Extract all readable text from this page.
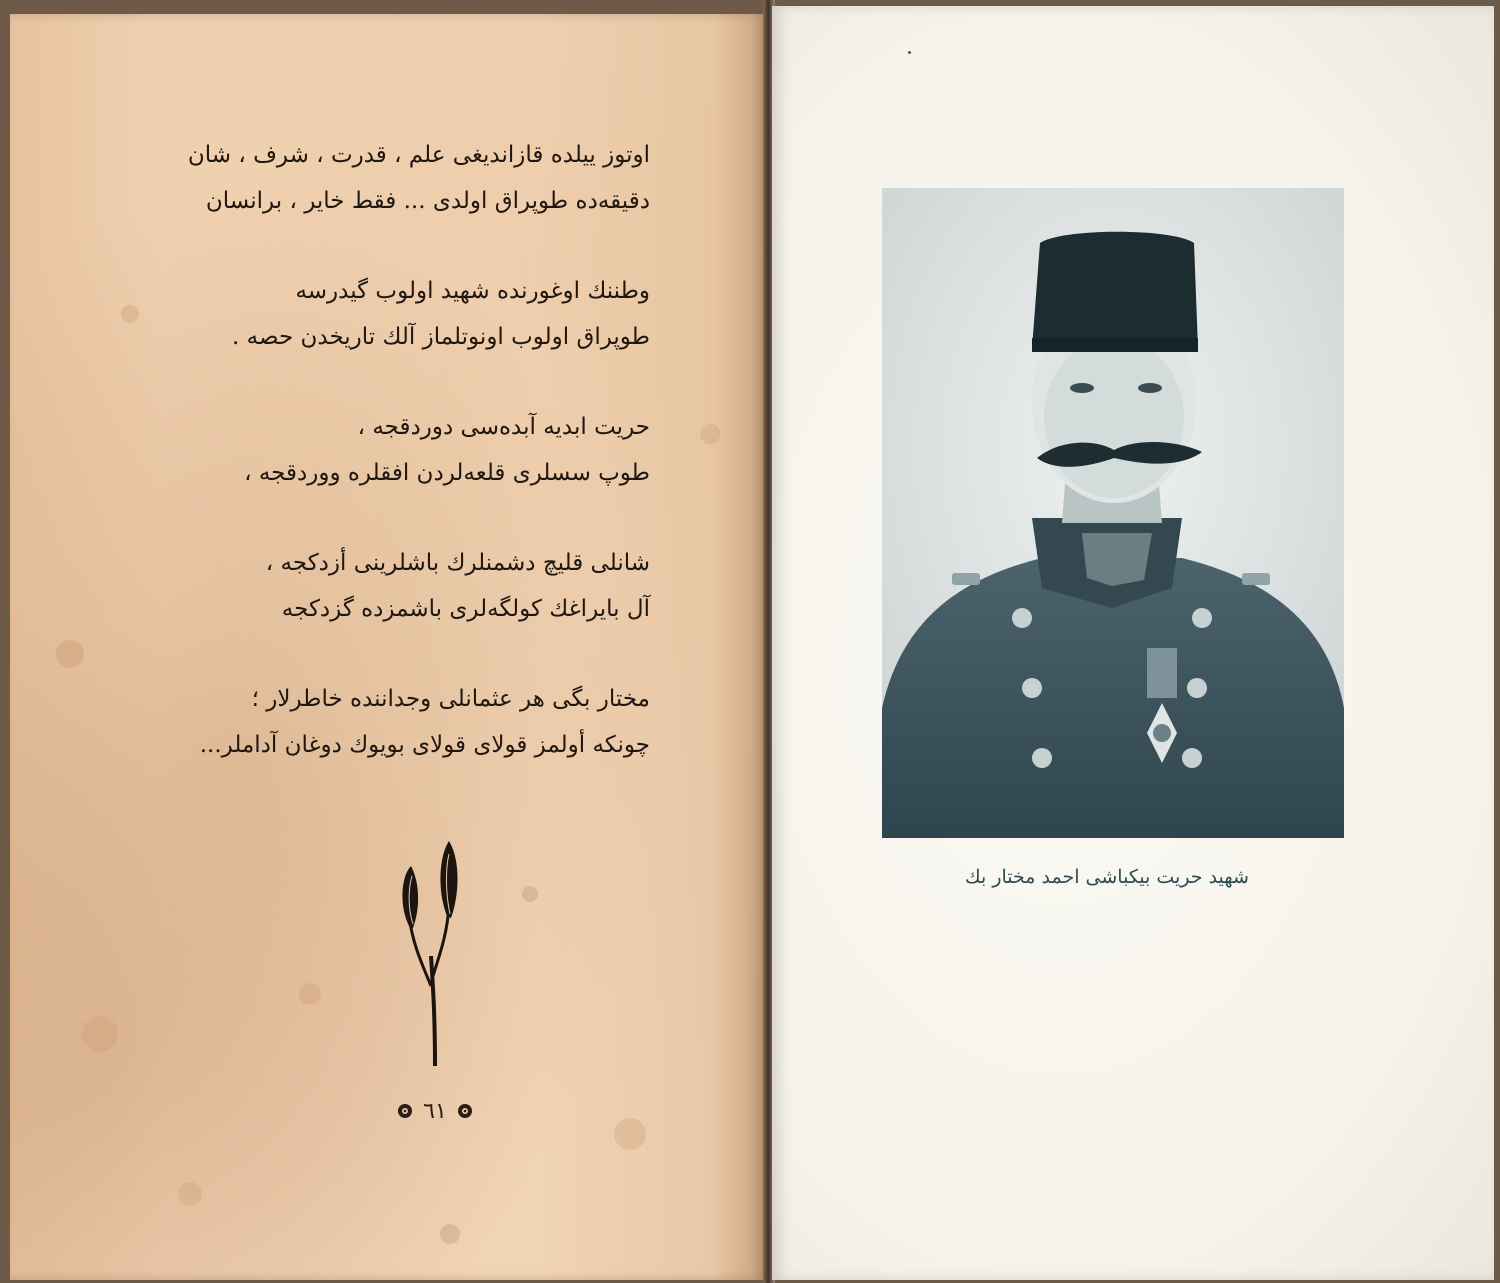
اوتوز ییلده قازاندیغی علم ، قدرت ، شرف ، شان
دقیقه‌ده طوپراق اولدی ... فقط خایر ، برانسان
وطننك اوغورنده شهید اولوب گیدرسه
طوپراق اولوب اونوتلماز آلك تاریخدن حصه .
حریت ابدیه آبده‌سی دوردقجه ،
طوپ سسلری قلعه‌لردن افقلره ووردقجه ،
شانلی قلیچ دشمنلرك باشلرینی أزدکجه ،
آل بایراغك کولگه‌لری باشمزده گزدکجه
مختار بگی هر عثمانلی وجداننده خاطرلار ؛
چونکه أولمز قولای قولای بویوك دوغان آداملر...
٦١
شهید حریت بیکباشی احمد مختار بك
